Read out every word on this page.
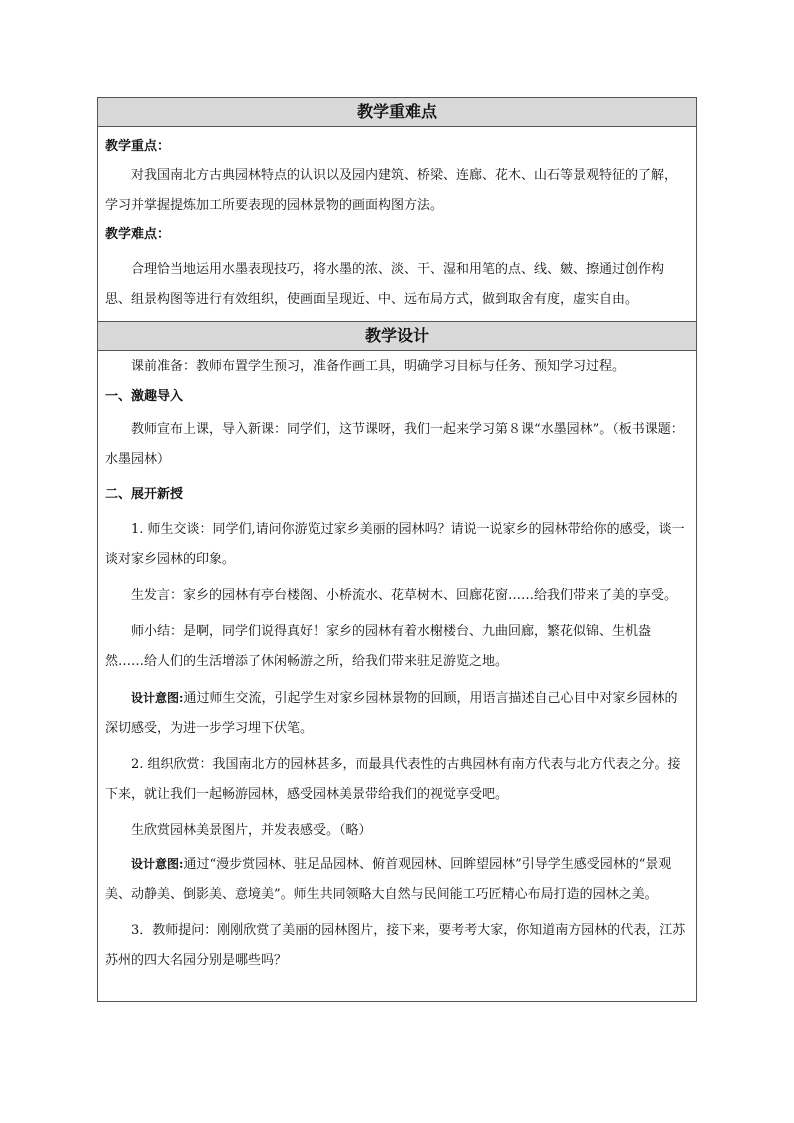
教学重难点

教学重点：

对我国南北方古典园林特点的认识以及园内建筑、桥梁、连廊、花木、山石等景观特征的了解，学习并掌握提炼加工所要表现的园林景物的画面构图方法。

教学难点：

合理恰当地运用水墨表现技巧，将水墨的浓、淡、干、湿和用笔的点、线、皴、擦通过创作构思、组景构图等进行有效组织，使画面呈现近、中、远布局方式，做到取舍有度，虚实自由。

教学设计

课前准备：教师布置学生预习，准备作画工具，明确学习目标与任务、预知学习过程。

一、激趣导入

教师宣布上课，导入新课：同学们，这节课呀，我们一起来学习第８课“水墨园林”。（板书课题：水墨园林）

二、展开新授

1. 师生交谈：同学们,请问你游览过家乡美丽的园林吗？请说一说家乡的园林带给你的感受，谈一谈对家乡园林的印象。

生发言：家乡的园林有亭台楼阁、小桥流水、花草树木、回廊花窗……给我们带来了美的享受。

师小结：是啊，同学们说得真好！家乡的园林有着水榭楼台、九曲回廊，繁花似锦、生机盎然……给人们的生活增添了休闲畅游之所，给我们带来驻足游览之地。

设计意图:通过师生交流，引起学生对家乡园林景物的回顾，用语言描述自己心目中对家乡园林的深切感受，为进一步学习埋下伏笔。

2. 组织欣赏：我国南北方的园林甚多，而最具代表性的古典园林有南方代表与北方代表之分。接下来，就让我们一起畅游园林，感受园林美景带给我们的视觉享受吧。

生欣赏园林美景图片，并发表感受。（略）

设计意图:通过“漫步赏园林、驻足品园林、俯首观园林、回眸望园林”引导学生感受园林的“景观美、动静美、倒影美、意境美”。师生共同领略大自然与民间能工巧匠精心布局打造的园林之美。

3．教师提问：刚刚欣赏了美丽的园林图片，接下来，要考考大家，你知道南方园林的代表，江苏苏州的四大名园分别是哪些吗？
